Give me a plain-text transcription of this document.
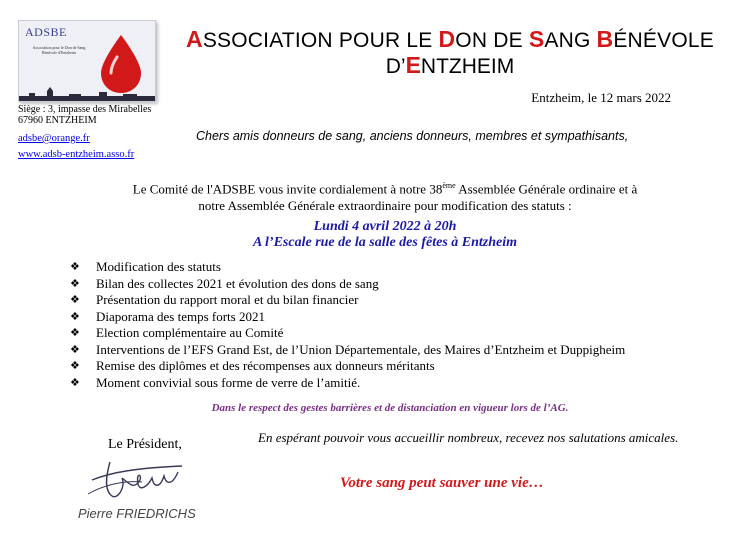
ADSBE
Association pour le Don de Sang Bénévole d'Entzheim
ASSOCIATION POUR LE DON DE SANG BÉNÉVOLE
D’ENTZHEIM
Entzheim, le 12 mars 2022
Siège : 3, impasse des Mirabelles
67960 ENTZHEIM
adsbe@orange.fr
www.adsb-entzheim.asso.fr
Chers amis donneurs de sang, anciens donneurs, membres et sympathisants,
Le Comité de l'ADSBE vous invite cordialement à notre 38ème Assemblée Générale ordinaire et à
notre Assemblée Générale extraordinaire pour modification des statuts :
Lundi 4 avril 2022 à 20h
A l’Escale rue de la salle des fêtes à Entzheim
❖	Modification des statuts
❖	Bilan des collectes 2021 et évolution des dons de sang
❖	Présentation du rapport moral et du bilan financier
❖	Diaporama des temps forts 2021
❖	Election complémentaire au Comité
❖	Interventions de l’EFS Grand Est, de l’Union Départementale, des Maires d’Entzheim et Duppigheim
❖	Remise des diplômes et des récompenses aux donneurs méritants
❖	Moment convivial sous forme de verre de l’amitié.
Dans le respect des gestes barrières et de distanciation en vigueur lors de l’AG.
Le Président,
Pierre FRIEDRICHS
En espérant pouvoir vous accueillir nombreux, recevez nos salutations amicales.
Votre sang peut sauver une vie…
